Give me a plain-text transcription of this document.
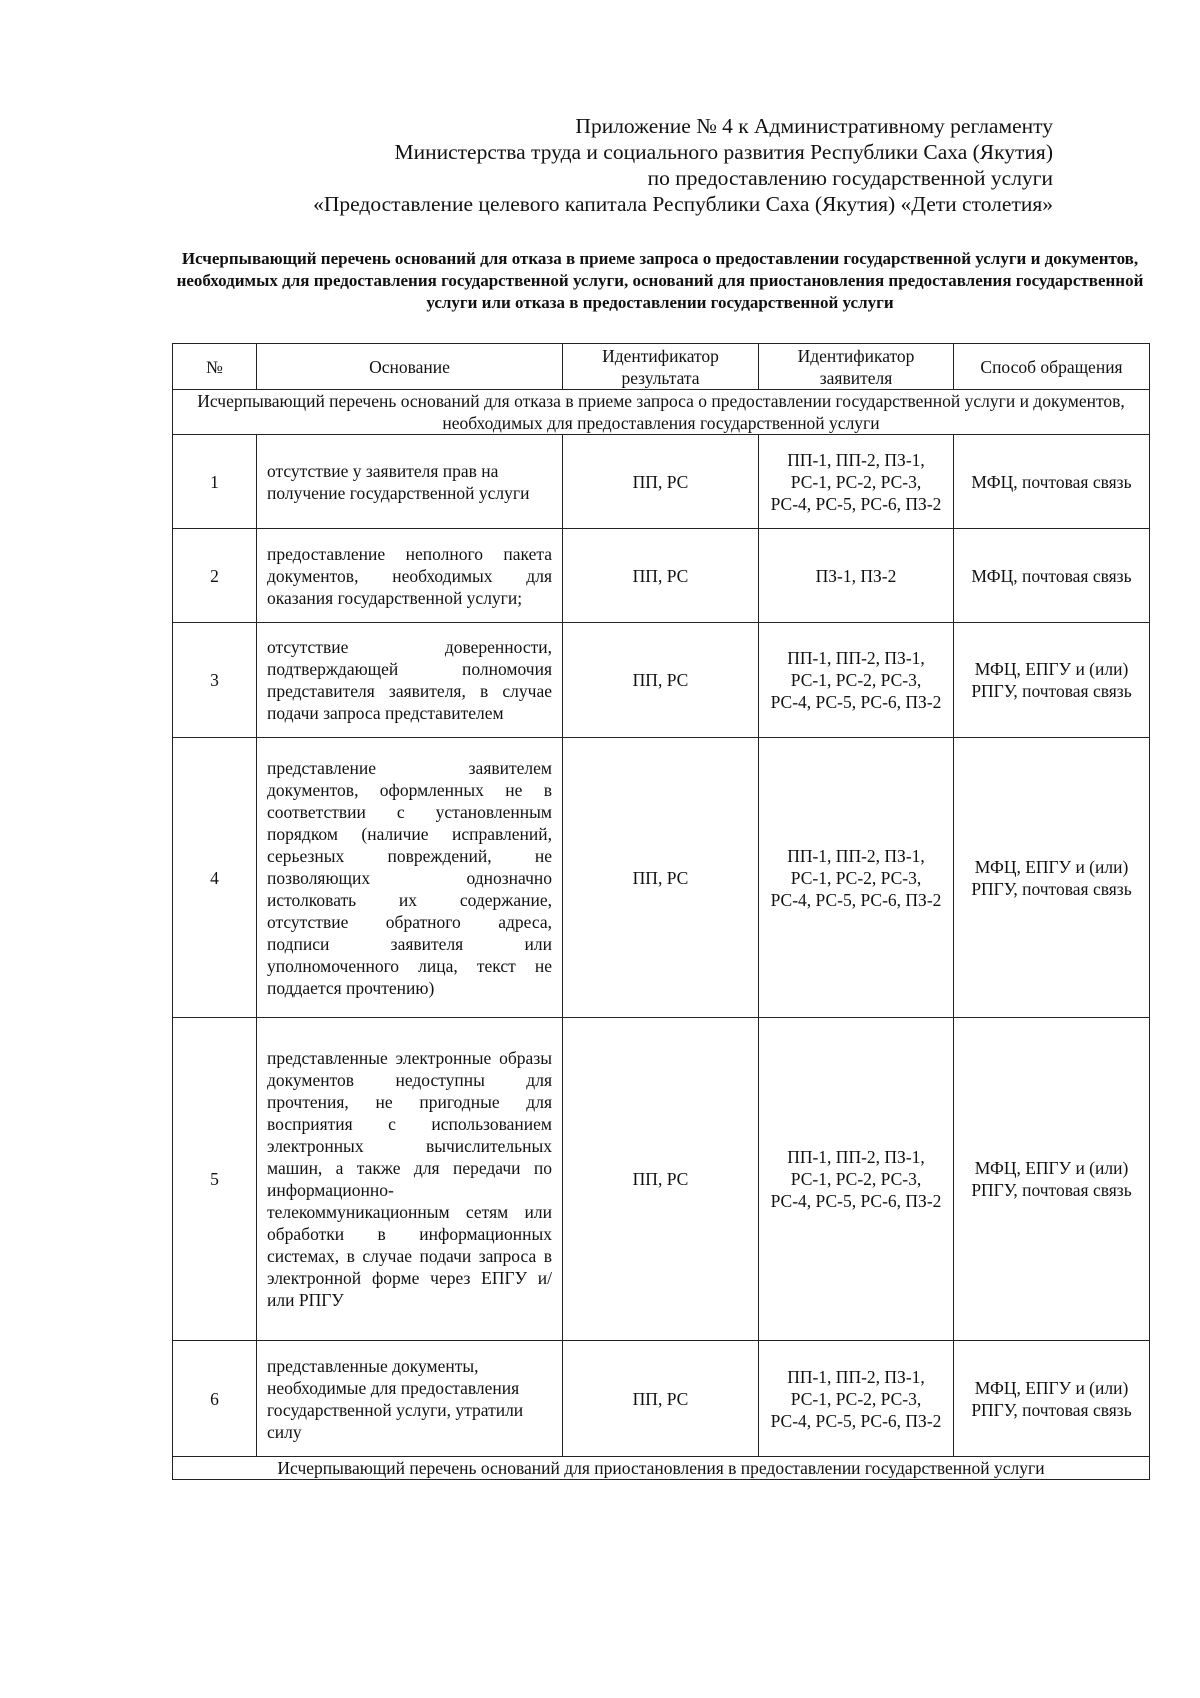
Приложение № 4 к Административному регламенту
Министерства труда и социального развития Республики Саха (Якутия)
по предоставлению государственной услуги
«Предоставление целевого капитала Республики Саха (Якутия) «Дети столетия»
Исчерпывающий перечень оснований для отказа в приеме запроса о предоставлении государственной услуги и документов, необходимых для предоставления государственной услуги, оснований для приостановления предоставления государственной услуги или отказа в предоставлении государственной услуги
№	Основание	Идентификатор результата	Идентификатор заявителя	Способ обращения
Исчерпывающий перечень оснований для отказа в приеме запроса о предоставлении государственной услуги и документов, необходимых для предоставления государственной услуги				
1	отсутствие у заявителя прав на получение государственной услуги	ПП, РС	ПП-1, ПП-2, ПЗ-1, РС-1, РС-2, РС-3, РС-4, РС-5, РС-6, ПЗ-2	МФЦ, почтовая связь
2	предоставление неполного пакета документов, необходимых для оказания государственной услуги;	ПП, РС	ПЗ-1, ПЗ-2	МФЦ, почтовая связь
3	отсутствие доверенности, подтверждающей полномочия представителя заявителя, в случае подачи запроса представителем	ПП, РС	ПП-1, ПП-2, ПЗ-1, РС-1, РС-2, РС-3, РС-4, РС-5, РС-6, ПЗ-2	МФЦ, ЕПГУ и (или) РПГУ, почтовая связь
4	представление заявителем документов, оформленных не в соответствии с установленным порядком (наличие исправлений, серьезных повреждений, не позволяющих однозначно истолковать их содержание, отсутствие обратного адреса, подписи заявителя или уполномоченного лица, текст не поддается прочтению)	ПП, РС	ПП-1, ПП-2, ПЗ-1, РС-1, РС-2, РС-3, РС-4, РС-5, РС-6, ПЗ-2	МФЦ, ЕПГУ и (или) РПГУ, почтовая связь
5	представленные электронные образы документов недоступны для прочтения, не пригодные для восприятия с использованием электронных вычислительных машин, а также для передачи по информационно-телекоммуникационным сетям или обработки в информационных системах, в случае подачи запроса в электронной форме через ЕПГУ и/или РПГУ	ПП, РС	ПП-1, ПП-2, ПЗ-1, РС-1, РС-2, РС-3, РС-4, РС-5, РС-6, ПЗ-2	МФЦ, ЕПГУ и (или) РПГУ, почтовая связь
6	представленные документы, необходимые для предоставления государственной услуги, утратили силу	ПП, РС	ПП-1, ПП-2, ПЗ-1, РС-1, РС-2, РС-3, РС-4, РС-5, РС-6, ПЗ-2	МФЦ, ЕПГУ и (или) РПГУ, почтовая связь
Исчерпывающий перечень оснований для приостановления в предоставлении государственной услуги				
